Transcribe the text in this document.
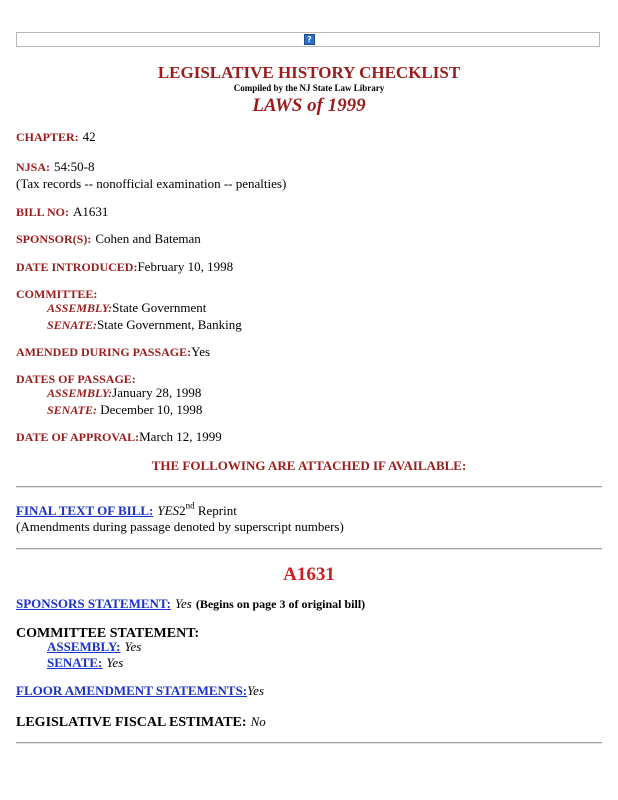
?
LEGISLATIVE HISTORY CHECKLIST
Compiled by the NJ State Law Library
LAWS of 1999
CHAPTER: 42
NJSA: 54:50-8
(Tax records -- nonofficial examination -- penalties)
BILL NO: A1631
SPONSOR(S): Cohen and Bateman
DATE INTRODUCED:February 10, 1998
COMMITTEE:
ASSEMBLY:State Government
SENATE:State Government, Banking
AMENDED DURING PASSAGE:Yes
DATES OF PASSAGE:
ASSEMBLY:January 28, 1998
SENATE: December 10, 1998
DATE OF APPROVAL:March 12, 1999
THE FOLLOWING ARE ATTACHED IF AVAILABLE:
FINAL TEXT OF BILL: YES2nd Reprint
(Amendments during passage denoted by superscript numbers)
A1631
SPONSORS STATEMENT: Yes (Begins on page 3 of original bill)
COMMITTEE STATEMENT:
ASSEMBLY: Yes
SENATE: Yes
FLOOR AMENDMENT STATEMENTS:Yes
LEGISLATIVE FISCAL ESTIMATE: No
